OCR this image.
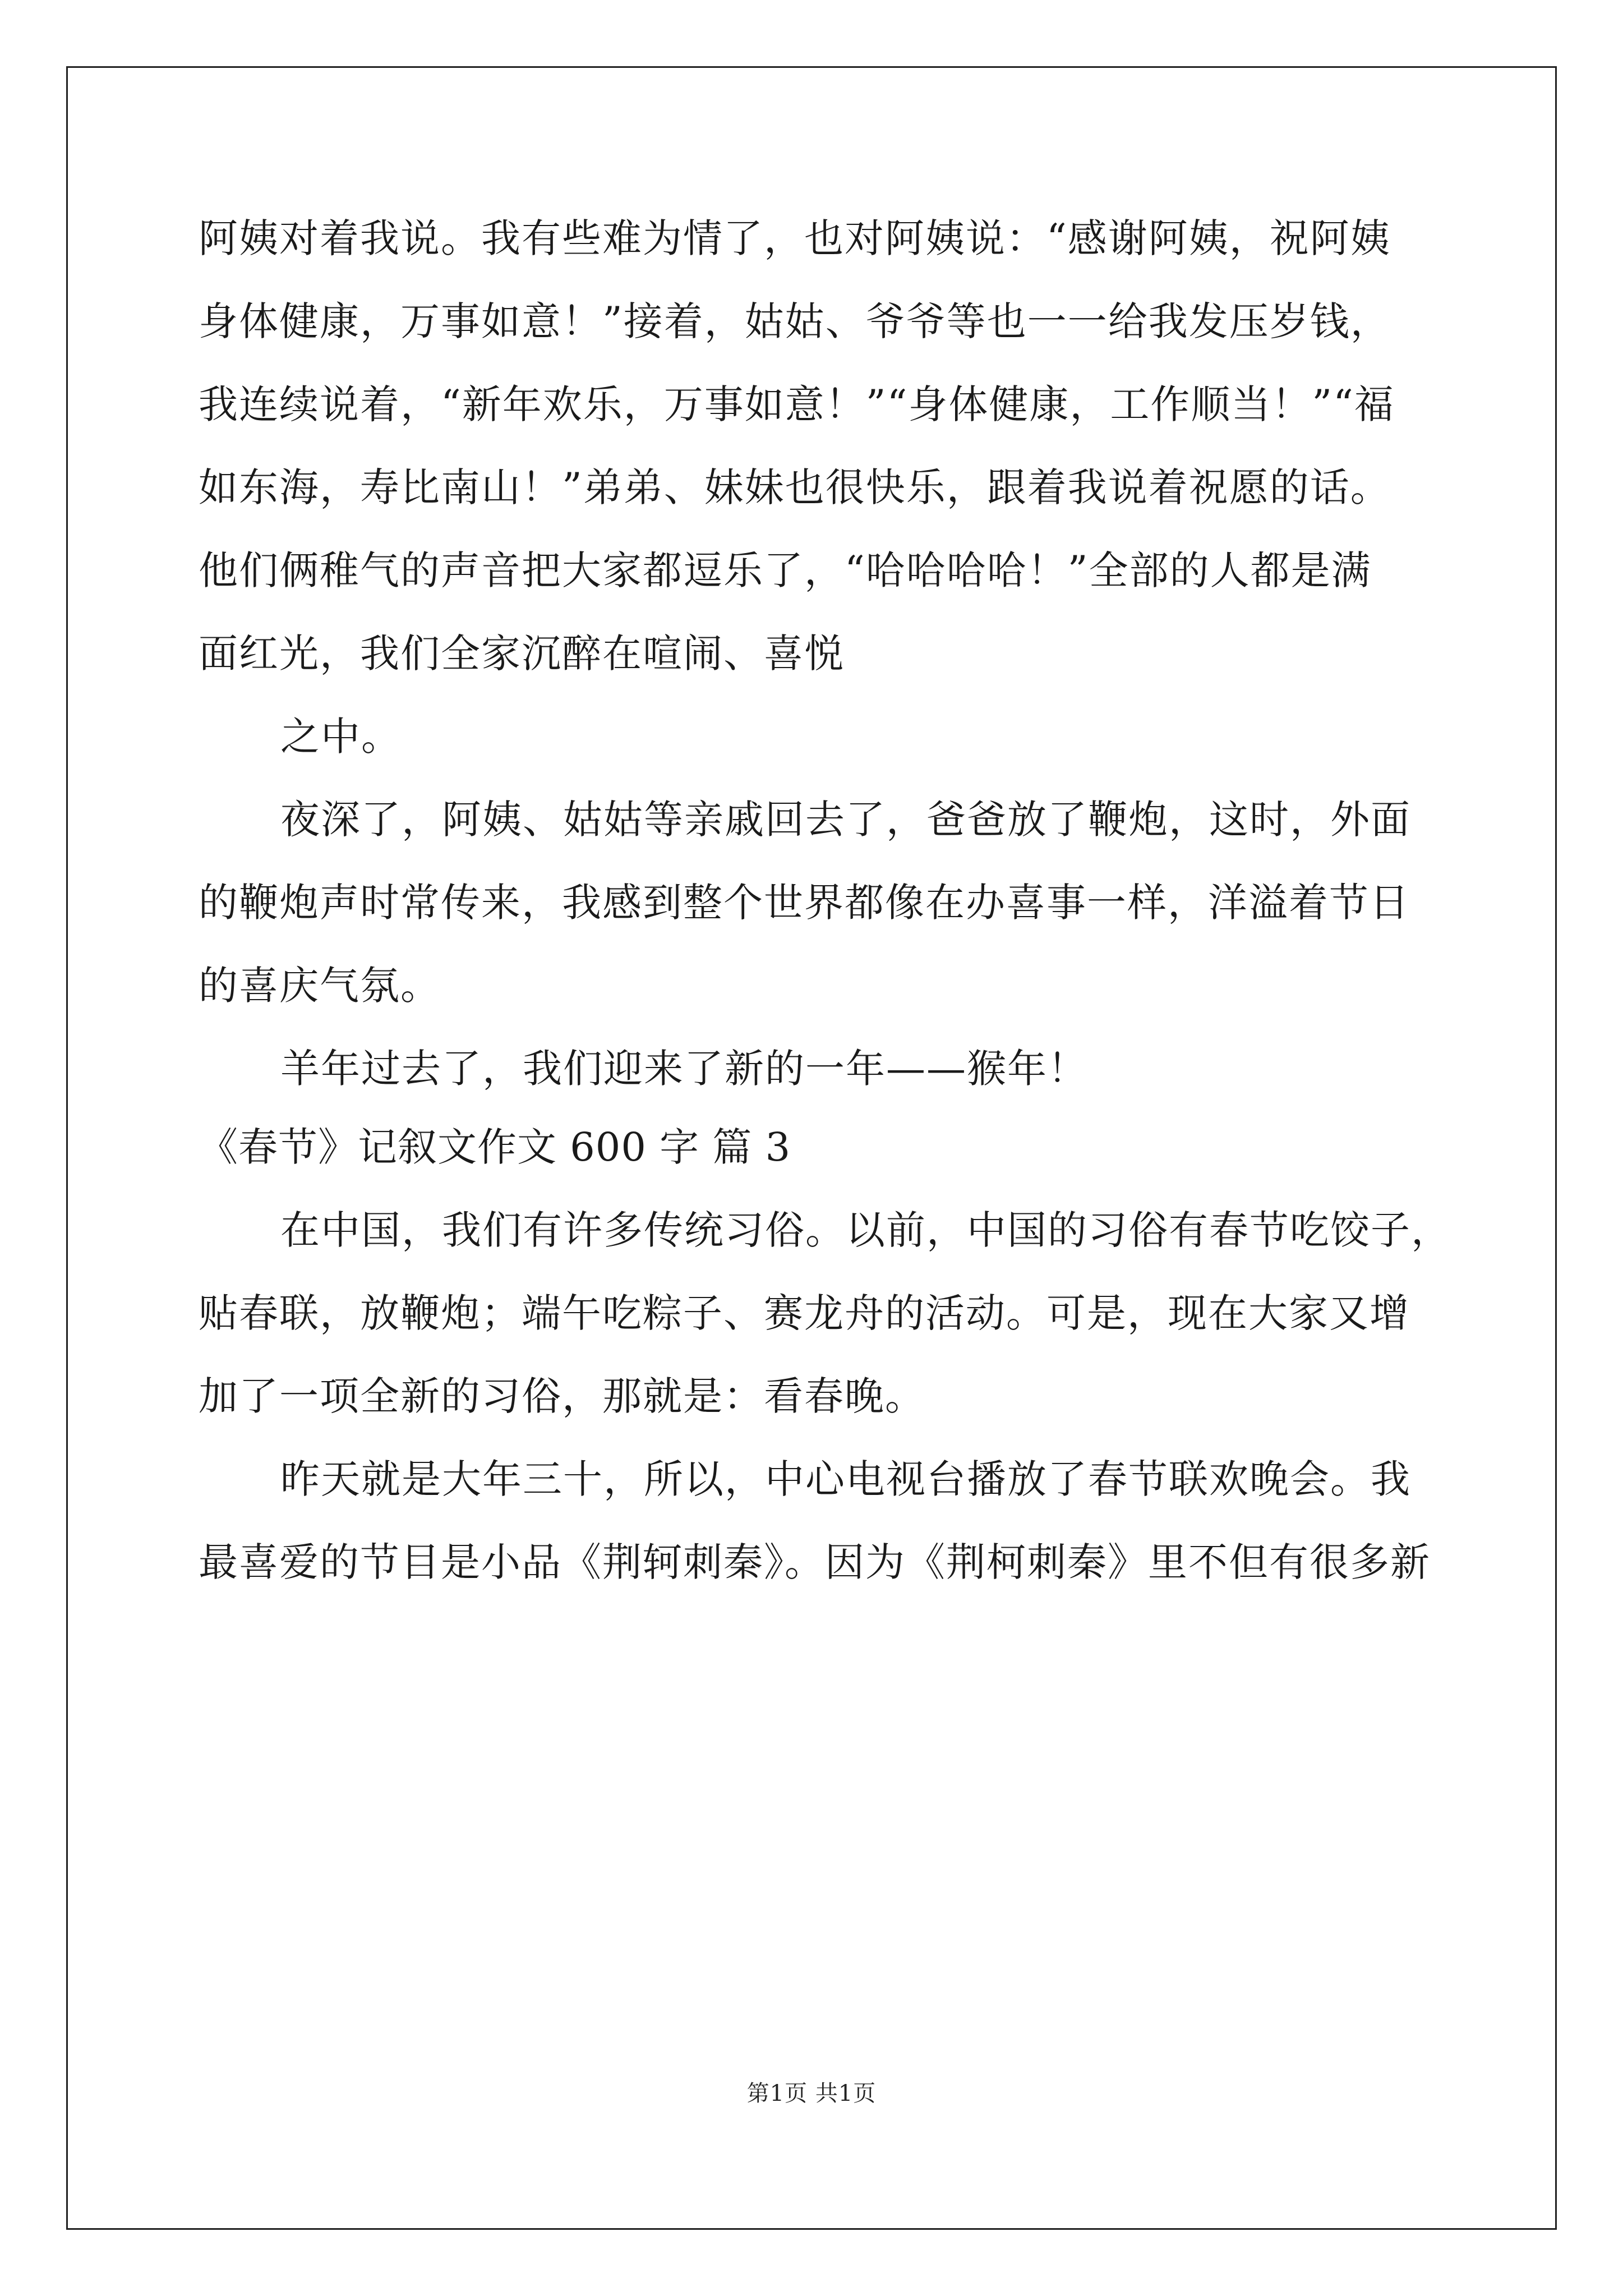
阿姨对着我说。我有些难为情了，也对阿姨说：“感谢阿姨，祝阿姨
身体健康，万事如意！”接着，姑姑、爷爷等也一一给我发压岁钱，
我连续说着，“新年欢乐，万事如意！”“身体健康，工作顺当！”“福
如东海，寿比南山！”弟弟、妹妹也很快乐，跟着我说着祝愿的话。
他们俩稚气的声音把大家都逗乐了，“哈哈哈哈！”全部的人都是满
面红光，我们全家沉醉在喧闹、喜悦
之中。
夜深了，阿姨、姑姑等亲戚回去了，爸爸放了鞭炮，这时，外面
的鞭炮声时常传来，我感到整个世界都像在办喜事一样，洋溢着节日
的喜庆气氛。
羊年过去了，我们迎来了新的一年——猴年！
《春节》记叙文作文 600 字 篇 3
在中国，我们有许多传统习俗。以前，中国的习俗有春节吃饺子，
贴春联，放鞭炮；端午吃粽子、赛龙舟的活动。可是，现在大家又增
加了一项全新的习俗，那就是：看春晚。
昨天就是大年三十，所以，中心电视台播放了春节联欢晚会。我
最喜爱的节目是小品《荆轲刺秦》。因为《荆柯刺秦》里不但有很多新
第1页 共1页
